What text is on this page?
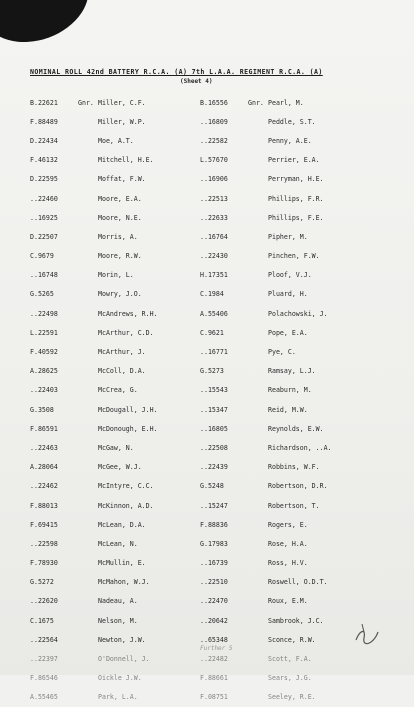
NOMINAL ROLL 42nd BATTERY R.C.A. (A) 7th L.A.A. REGIMENT R.C.A. (A)
(Sheet 4)
B.22621	Gnr. Miller, C.F.
F.88489	Miller, W.P.
D.22434	Moe, A.T.
F.46132	Mitchell, H.E.
D.22595	Moffat, F.W.
..22460	Moore, E.A.
..16925	Moore, N.E.
D.22507	Morris, A.
C.9679	Moore, R.W.
..16748	Morin, L.
G.5265	Mowry, J.O.
..22498	McAndrews, R.H.
L.22591	McArthur, C.D.
F.40592	McArthur, J.
A.28625	McColl, D.A.
..22403	McCrea, G.
G.3508	McDougall, J.H.
F.86591	McDonough, E.H.
..22463	McGaw, N.
A.28064	McGee, W.J.
..22462	McIntyre, C.C.
F.88013	McKinnon, A.D.
F.69415	McLean, D.A.
..22598	McLean, N.
F.78930	McMullin, E.
G.5272	McMahon, W.J.
..22620	Nadeau, A.
C.1675	Nelson, M.
..22564	Newton, J.W.
..22397	O'Donnell, J.
F.86546	Oickle J.W.
A.55465	Park, L.A.
B.16556	Gnr. Pearl, M.
..16809	Peddle, S.T.
..22582	Penny, A.E.
L.57670	Perrier, E.A.
..16906	Perryman, H.E.
..22513	Phillips, F.R.
..22633	Phillips, F.E.
..16764	Pipher, M.
..22430	Pinchen, F.W.
H.17351	Ploof, V.J.
C.1984	Pluard, H.
A.55406	Polachowski, J.
C.9621	Pope, E.A.
..16771	Pye, C.
G.5273	Ramsay, L.J.
..15543	Reaburn, M.
..15347	Reid, M.W.
..16805	Reynolds, E.W.
..22508	Richardson, ..A.
..22439	Robbins, W.F.
G.5248	Robertson, D.R.
..15247	Robertson, T.
F.88836	Rogers, E.
G.17983	Rose, H.A.
..16739	Ross, H.V.
..22510	Roswell, O.D.T.
..22470	Roux, E.M.
..20642	Sambrook, J.C.
..65348	Sconce, R.W.
..22482	Scott, F.A.
F.88661	Sears, J.G.
F.08751	Seeley, R.E.
Further 5
